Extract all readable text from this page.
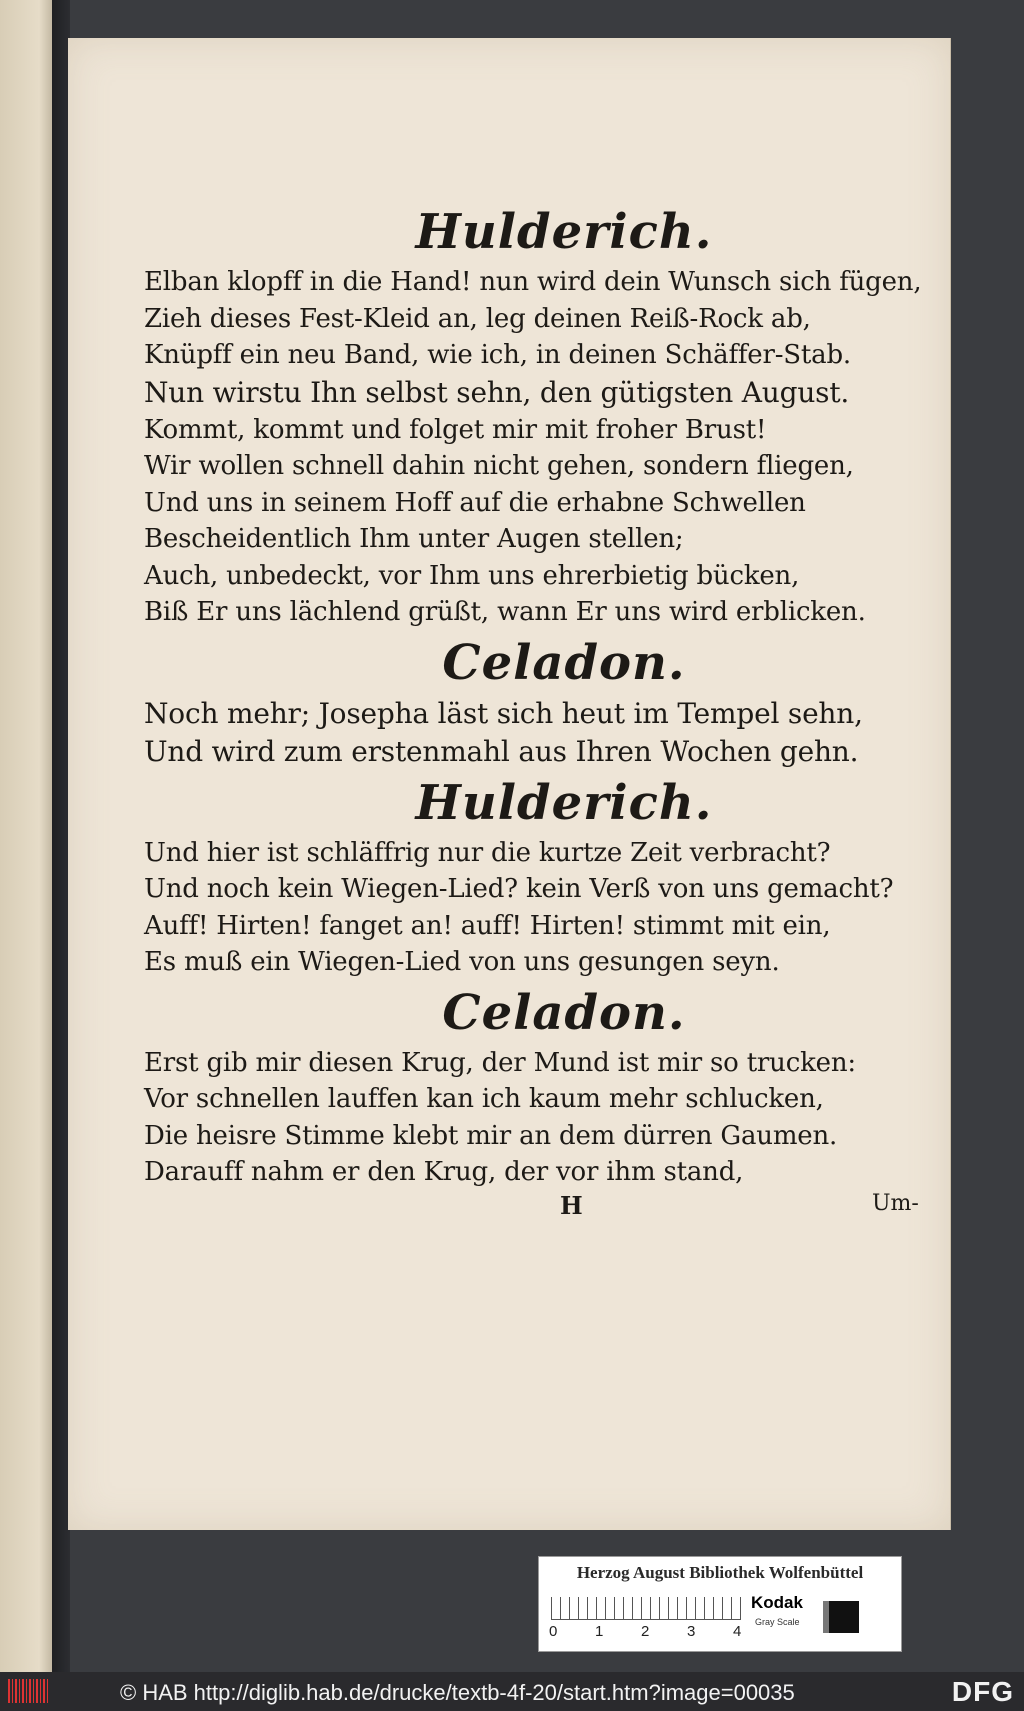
Hulderich.
Elban klopff in die Hand! nun wird dein Wunsch sich fügen,
Zieh dieses Fest-Kleid an, leg deinen Reiß-Rock ab,
Knüpff ein neu Band, wie ich, in deinen Schäffer-Stab.
Nun wirstu Ihn selbst sehn, den gütigsten August.
Kommt, kommt und folget mir mit froher Brust!
Wir wollen schnell dahin nicht gehen, sondern fliegen,
Und uns in seinem Hoff auf die erhabne Schwellen
Bescheidentlich Ihm unter Augen stellen;
Auch, unbedeckt, vor Ihm uns ehrerbietig bücken,
Biß Er uns lächlend grüßt, wann Er uns wird erblicken.
Celadon.
Noch mehr; Josepha läst sich heut im Tempel sehn,
Und wird zum erstenmahl aus Ihren Wochen gehn.
Hulderich.
Und hier ist schläffrig nur die kurtze Zeit verbracht?
Und noch kein Wiegen-Lied? kein Verß von uns gemacht?
Auff! Hirten! fanget an! auff! Hirten! stimmt mit ein,
Es muß ein Wiegen-Lied von uns gesungen seyn.
Celadon.
Erst gib mir diesen Krug, der Mund ist mir so trucken:
Vor schnellen lauffen kan ich kaum mehr schlucken,
Die heisre Stimme klebt mir an dem dürren Gaumen.
Darauff nahm er den Krug, der vor ihm stand,
H	Um-
Herzog August Bibliothek Wolfenbüttel
0	1	2	3	4
Kodak
Gray Scale
© HAB http://diglib.hab.de/drucke/textb-4f-20/start.htm?image=00035	DFG
